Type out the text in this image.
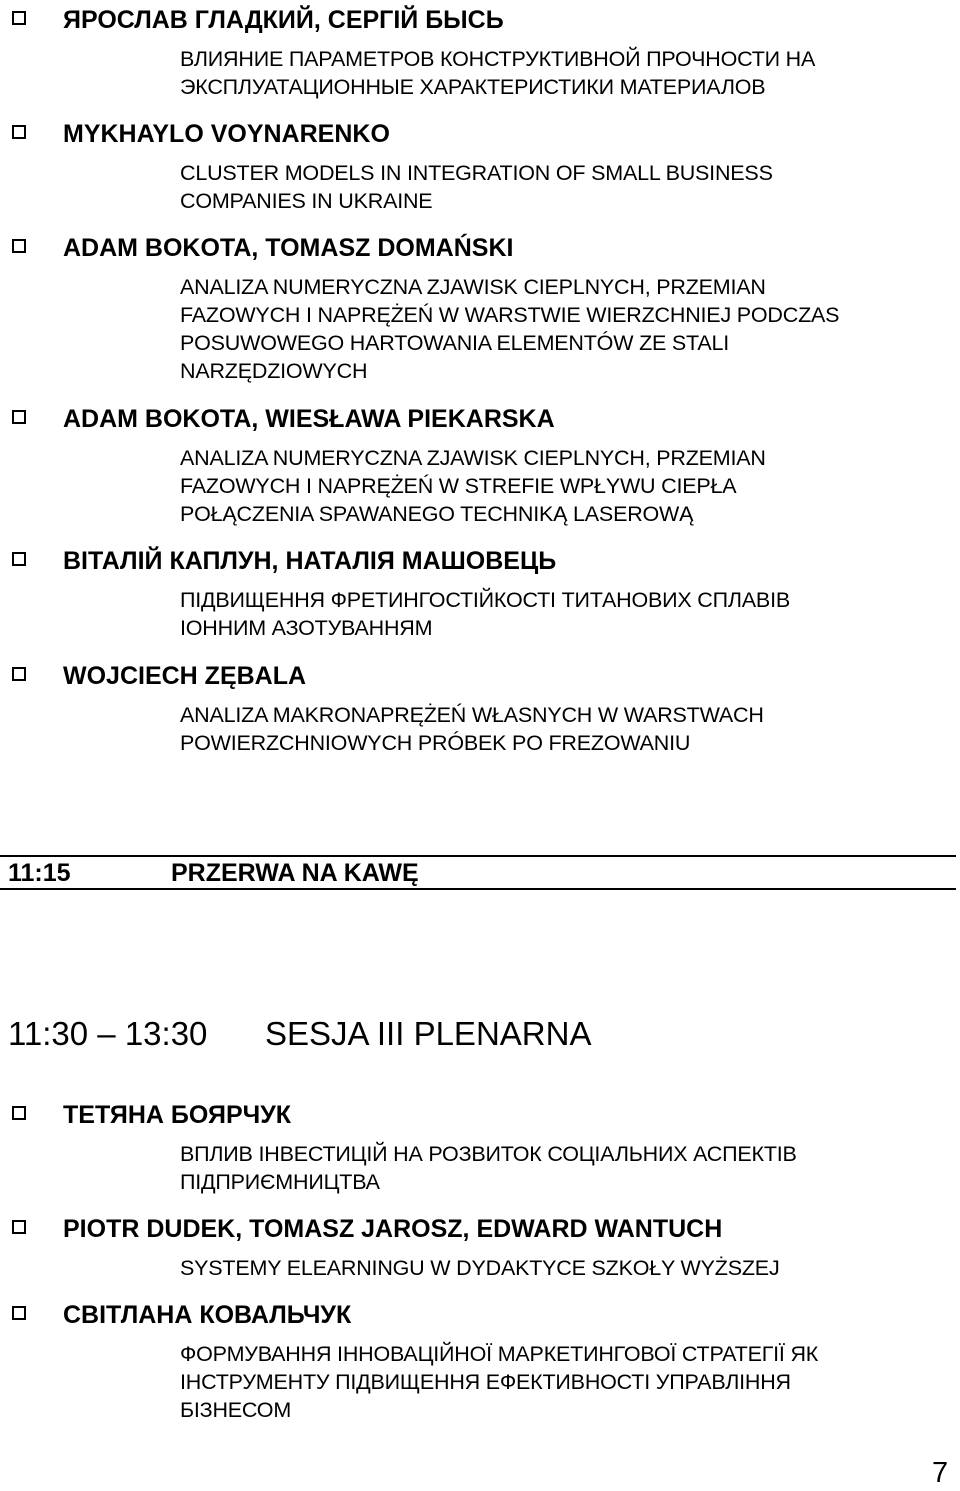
ЯРОСЛАВ ГЛАДКИЙ, СЕРГІЙ БЫСЬ
ВЛИЯНИЕ ПАРАМЕТРОВ КОНСТРУКТИВНОЙ ПРОЧНОСТИ НА
ЭКСПЛУАТАЦИОННЫЕ ХАРАКТЕРИСТИКИ МАТЕРИАЛОВ
MYKHAYLO VOYNARENKO
CLUSTER MODELS IN INTEGRATION OF SMALL BUSINESS
COMPANIES IN UKRAINE
ADAM BOKOTA, TOMASZ DOMAŃSKI
ANALIZA NUMERYCZNA ZJAWISK CIEPLNYCH, PRZEMIAN
FAZOWYCH I NAPRĘŻEŃ W WARSTWIE WIERZCHNIEJ PODCZAS
POSUWOWEGO HARTOWANIA ELEMENTÓW ZE STALI
NARZĘDZIOWYCH
ADAM BOKOTA, WIESŁAWA PIEKARSKA
ANALIZA NUMERYCZNA ZJAWISK CIEPLNYCH, PRZEMIAN
FAZOWYCH I NAPRĘŻEŃ W STREFIE WPŁYWU CIEPŁA
POŁĄCZENIA SPAWANEGO TECHNIKĄ LASEROWĄ
ВІТАЛІЙ КАПЛУН, НАТАЛІЯ МАШОВЕЦЬ
ПІДВИЩЕННЯ ФРЕТИНГОСТІЙКОСТІ ТИТАНОВИХ СПЛАВІВ
ІОННИМ АЗОТУВАННЯМ
WOJCIECH ZĘBALA
ANALIZA MAKRONAPRĘŻEŃ WŁASNYCH W WARSTWACH
POWIERZCHNIOWYCH PRÓBEK PO FREZOWANIU
11:15	PRZERWA NA KAWĘ
11:30 – 13:30 SESJA III PLENARNA
ТЕТЯНА БОЯРЧУК
ВПЛИВ ІНВЕСТИЦІЙ НА РОЗВИТОК СОЦІАЛЬНИХ АСПЕКТІВ
ПІДПРИЄМНИЦТВА
PIOTR DUDEK, TOMASZ JAROSZ, EDWARD WANTUCH
SYSTEMY ELEARNINGU W DYDAKTYCE SZKOŁY WYŻSZEJ
СВІТЛАНА КОВАЛЬЧУК
ФОРМУВАННЯ ІННОВАЦІЙНОЇ МАРКЕТИНГОВОЇ СТРАТЕГІЇ ЯК
ІНСТРУМЕНТУ ПІДВИЩЕННЯ ЕФЕКТИВНОСТІ УПРАВЛІННЯ
БІЗНЕСОМ
7
